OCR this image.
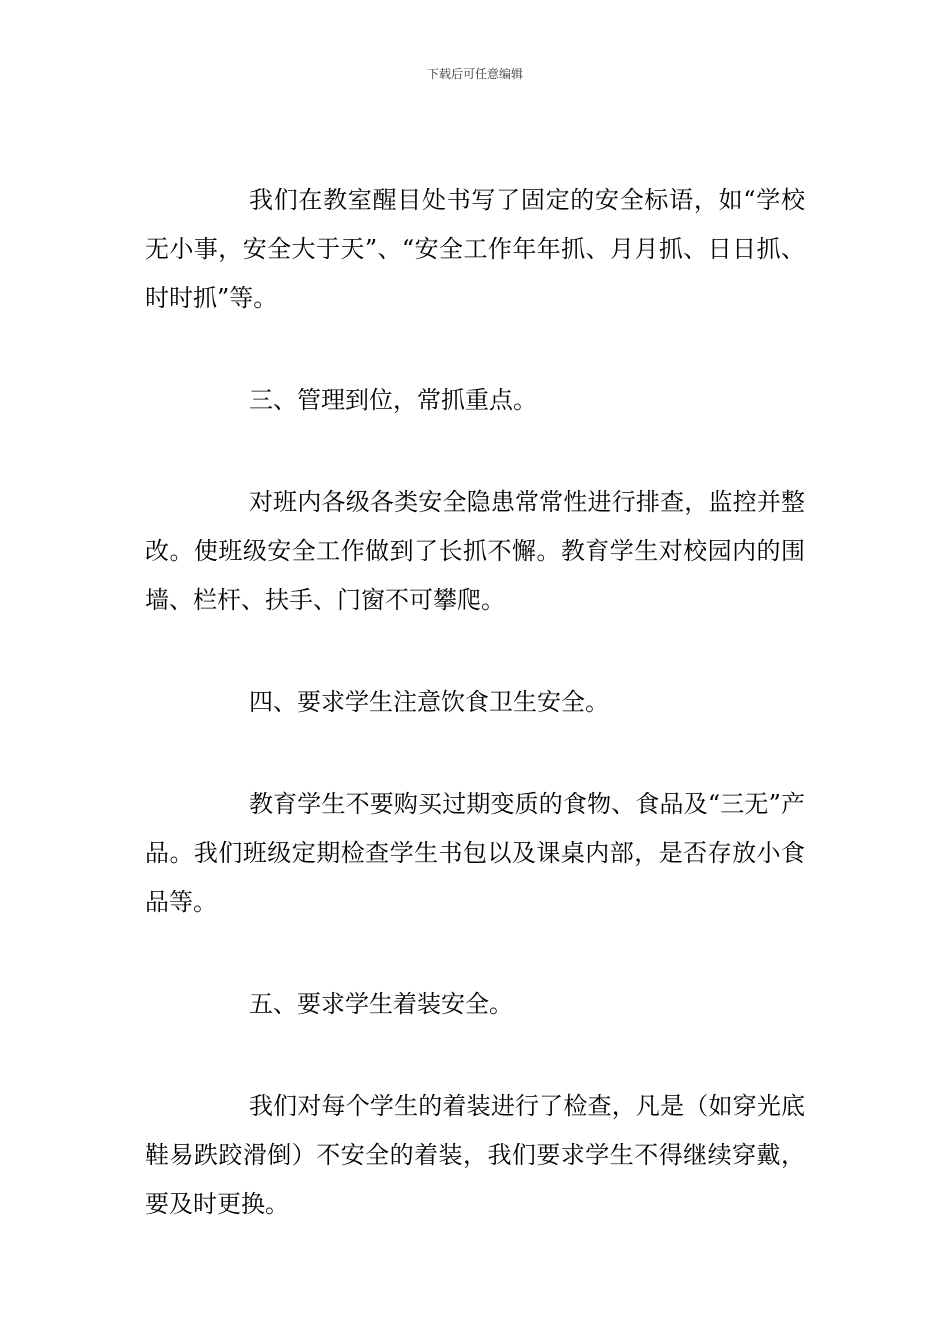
下载后可任意编辑

我们在教室醒目处书写了固定的安全标语，如“学校无小事，安全大于天”、“安全工作年年抓、月月抓、日日抓、时时抓”等。

三、管理到位，常抓重点。

对班内各级各类安全隐患常常性进行排查，监控并整改。使班级安全工作做到了长抓不懈。教育学生对校园内的围墙、栏杆、扶手、门窗不可攀爬。

四、要求学生注意饮食卫生安全。

教育学生不要购买过期变质的食物、食品及“三无”产品。我们班级定期检查学生书包以及课桌内部，是否存放小食品等。

五、要求学生着装安全。

我们对每个学生的着装进行了检查，凡是（如穿光底鞋易跌跤滑倒）不安全的着装，我们要求学生不得继续穿戴，要及时更换。
